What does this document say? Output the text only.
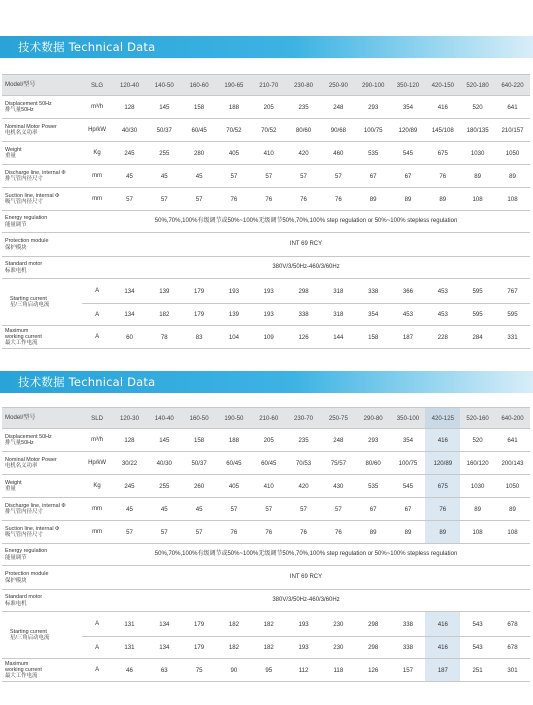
技术数据 Technical Data
Model/型号	SLG	120-40	140-50	160-60	190-65	210-70	230-80	250-90	290-100	350-120	420-150	520-180	640-220

Displacement 50Hz
排气量50Hz	m³/h	128	145	158	188	205	235	248	293	354	416	520	641

Nominal Motor Power
电机名义功率	Hp/kW	40/30	50/37	60/45	70/52	70/52	80/60	90/68	100/75	120/89	145/108	180/135	210/157

Weight
重量	Kg	245	255	280	405	410	420	460	535	545	675	1030	1050

Discharge line, internal Φ
排气管内径尺寸	mm	45	45	45	57	57	57	57	67	67	76	89	89

Suction line, internal Φ
吸气管内径尺寸	mm	57	57	57	76	76	76	76	89	89	89	108	108

Energy regulation
能量调节	50%,70%,100%有级调节或50%~100%无级调节50%,70%,100% step regulation or 50%~100% stepless regulation												

Protection module
保护模块	INT 69 RCY												

Standard motor
标准电机	380V/3/50Hz-460/3/60Hz												

Starting current
星/三角启动电流	A	134	139	179	193	193	298	318	338	366	453	595	767
	A	134	182	179	139	193	338	318	354	453	453	595	595

Maximum
working current
最大工作电流	A	60	78	83	104	109	126	144	158	187	228	284	331
技术数据 Technical Data
Model/型号	SLD	120-30	140-40	160-50	190-50	210-60	230-70	250-75	290-80	350-100	420-125	520-160	640-200

Displacement 50Hz
排气量50Hz	m³/h	128	145	158	188	205	235	248	293	354	416	520	641

Nominal Motor Power
电机名义功率	Hp/kW	30/22	40/30	50/37	60/45	60/45	70/53	75/57	80/60	100/75	120/89	160/120	200/143

Weight
重量	Kg	245	255	260	405	410	420	430	535	545	675	1030	1050

Discharge line, internal Φ
排气管内径尺寸	mm	45	45	45	57	57	57	57	67	67	76	89	89

Suction line, internal Φ
吸气管内径尺寸	mm	57	57	57	76	76	76	76	89	89	89	108	108

Energy regulation
能量调节	50%,70%,100%有级调节或50%~100%无级调节50%,70%,100% step regulation or 50%~100% stepless regulation												

Protection module
保护模块	INT 69 RCY												

Standard motor
标准电机	380V/3/50Hz-460/3/60Hz												

Starting current
星/三角启动电流	A	131	134	179	182	182	193	230	298	338	416	543	678
	A	131	134	179	182	182	193	230	298	338	416	543	678

Maximum
working current
最大工作电流	A	46	63	75	90	95	112	118	126	157	187	251	301
